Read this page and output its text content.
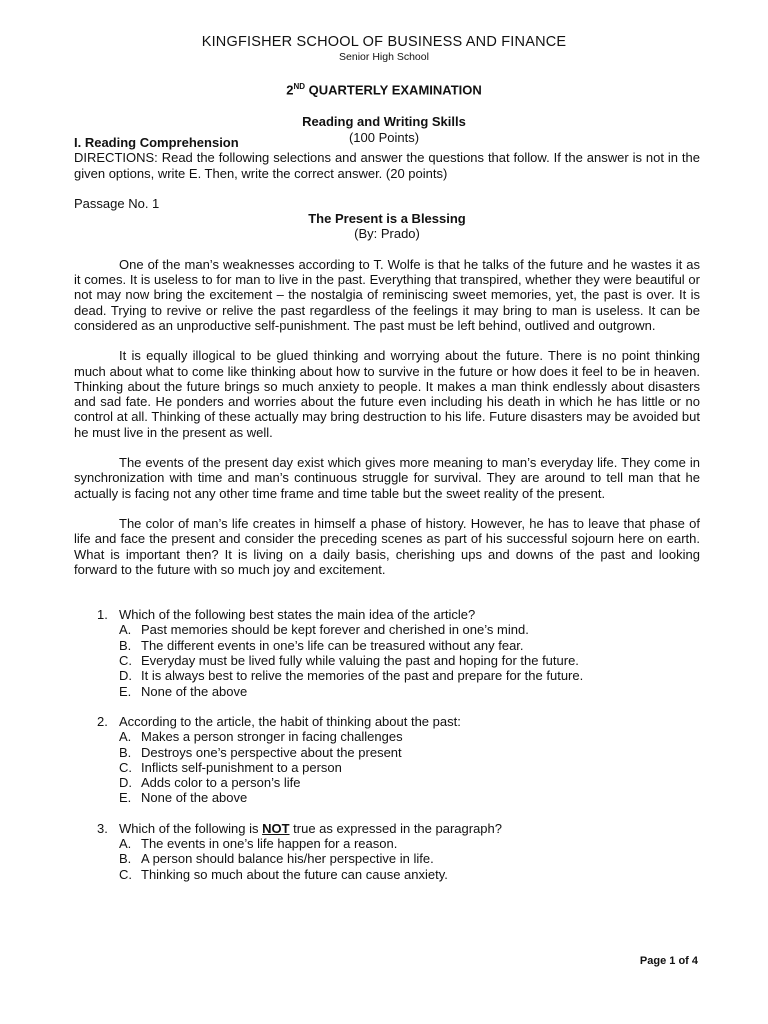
KINGFISHER SCHOOL OF BUSINESS AND FINANCE
Senior High School
2ND QUARTERLY EXAMINATION
Reading and Writing Skills
(100 Points)
I. Reading Comprehension
DIRECTIONS: Read the following selections and answer the questions that follow. If the answer is not in the given options, write E. Then, write the correct answer. (20 points)
Passage No. 1
The Present is a Blessing
(By: Prado)

One of the man’s weaknesses according to T. Wolfe is that he talks of the future and he wastes it as it comes. It is useless to for man to live in the past. Everything that transpired, whether they were beautiful or not may now bring the excitement – the nostalgia of reminiscing sweet memories, yet, the past is over. It is dead. Trying to revive or relive the past regardless of the feelings it may bring to man is useless. It can be considered as an unproductive self-punishment. The past must be left behind, outlived and outgrown.

It is equally illogical to be glued thinking and worrying about the future. There is no point thinking much about what to come like thinking about how to survive in the future or how does it feel to be in heaven. Thinking about the future brings so much anxiety to people. It makes a man think endlessly about disasters and sad fate. He ponders and worries about the future even including his death in which he has little or no control at all. Thinking of these actually may bring destruction to his life. Future disasters may be avoided but he must live in the present as well.

The events of the present day exist which gives more meaning to man’s everyday life. They come in synchronization with time and man’s continuous struggle for survival. They are around to tell man that he actually is facing not any other time frame and time table but the sweet reality of the present.

The color of man’s life creates in himself a phase of history. However, he has to leave that phase of life and face the present and consider the preceding scenes as part of his successful sojourn here on earth. What is important then? It is living on a daily basis, cherishing ups and downs of the past and looking forward to the future with so much joy and excitement.

1. Which of the following best states the main idea of the article?
A. Past memories should be kept forever and cherished in one’s mind.
B. The different events in one’s life can be treasured without any fear.
C. Everyday must be lived fully while valuing the past and hoping for the future.
D. It is always best to relive the memories of the past and prepare for the future.
E. None of the above
2. According to the article, the habit of thinking about the past:
A. Makes a person stronger in facing challenges
B. Destroys one’s perspective about the present
C. Inflicts self-punishment to a person
D. Adds color to a person’s life
E. None of the above
3. Which of the following is NOT true as expressed in the paragraph?
A. The events in one’s life happen for a reason.
B. A person should balance his/her perspective in life.
C. Thinking so much about the future can cause anxiety.
Page 1 of 4
